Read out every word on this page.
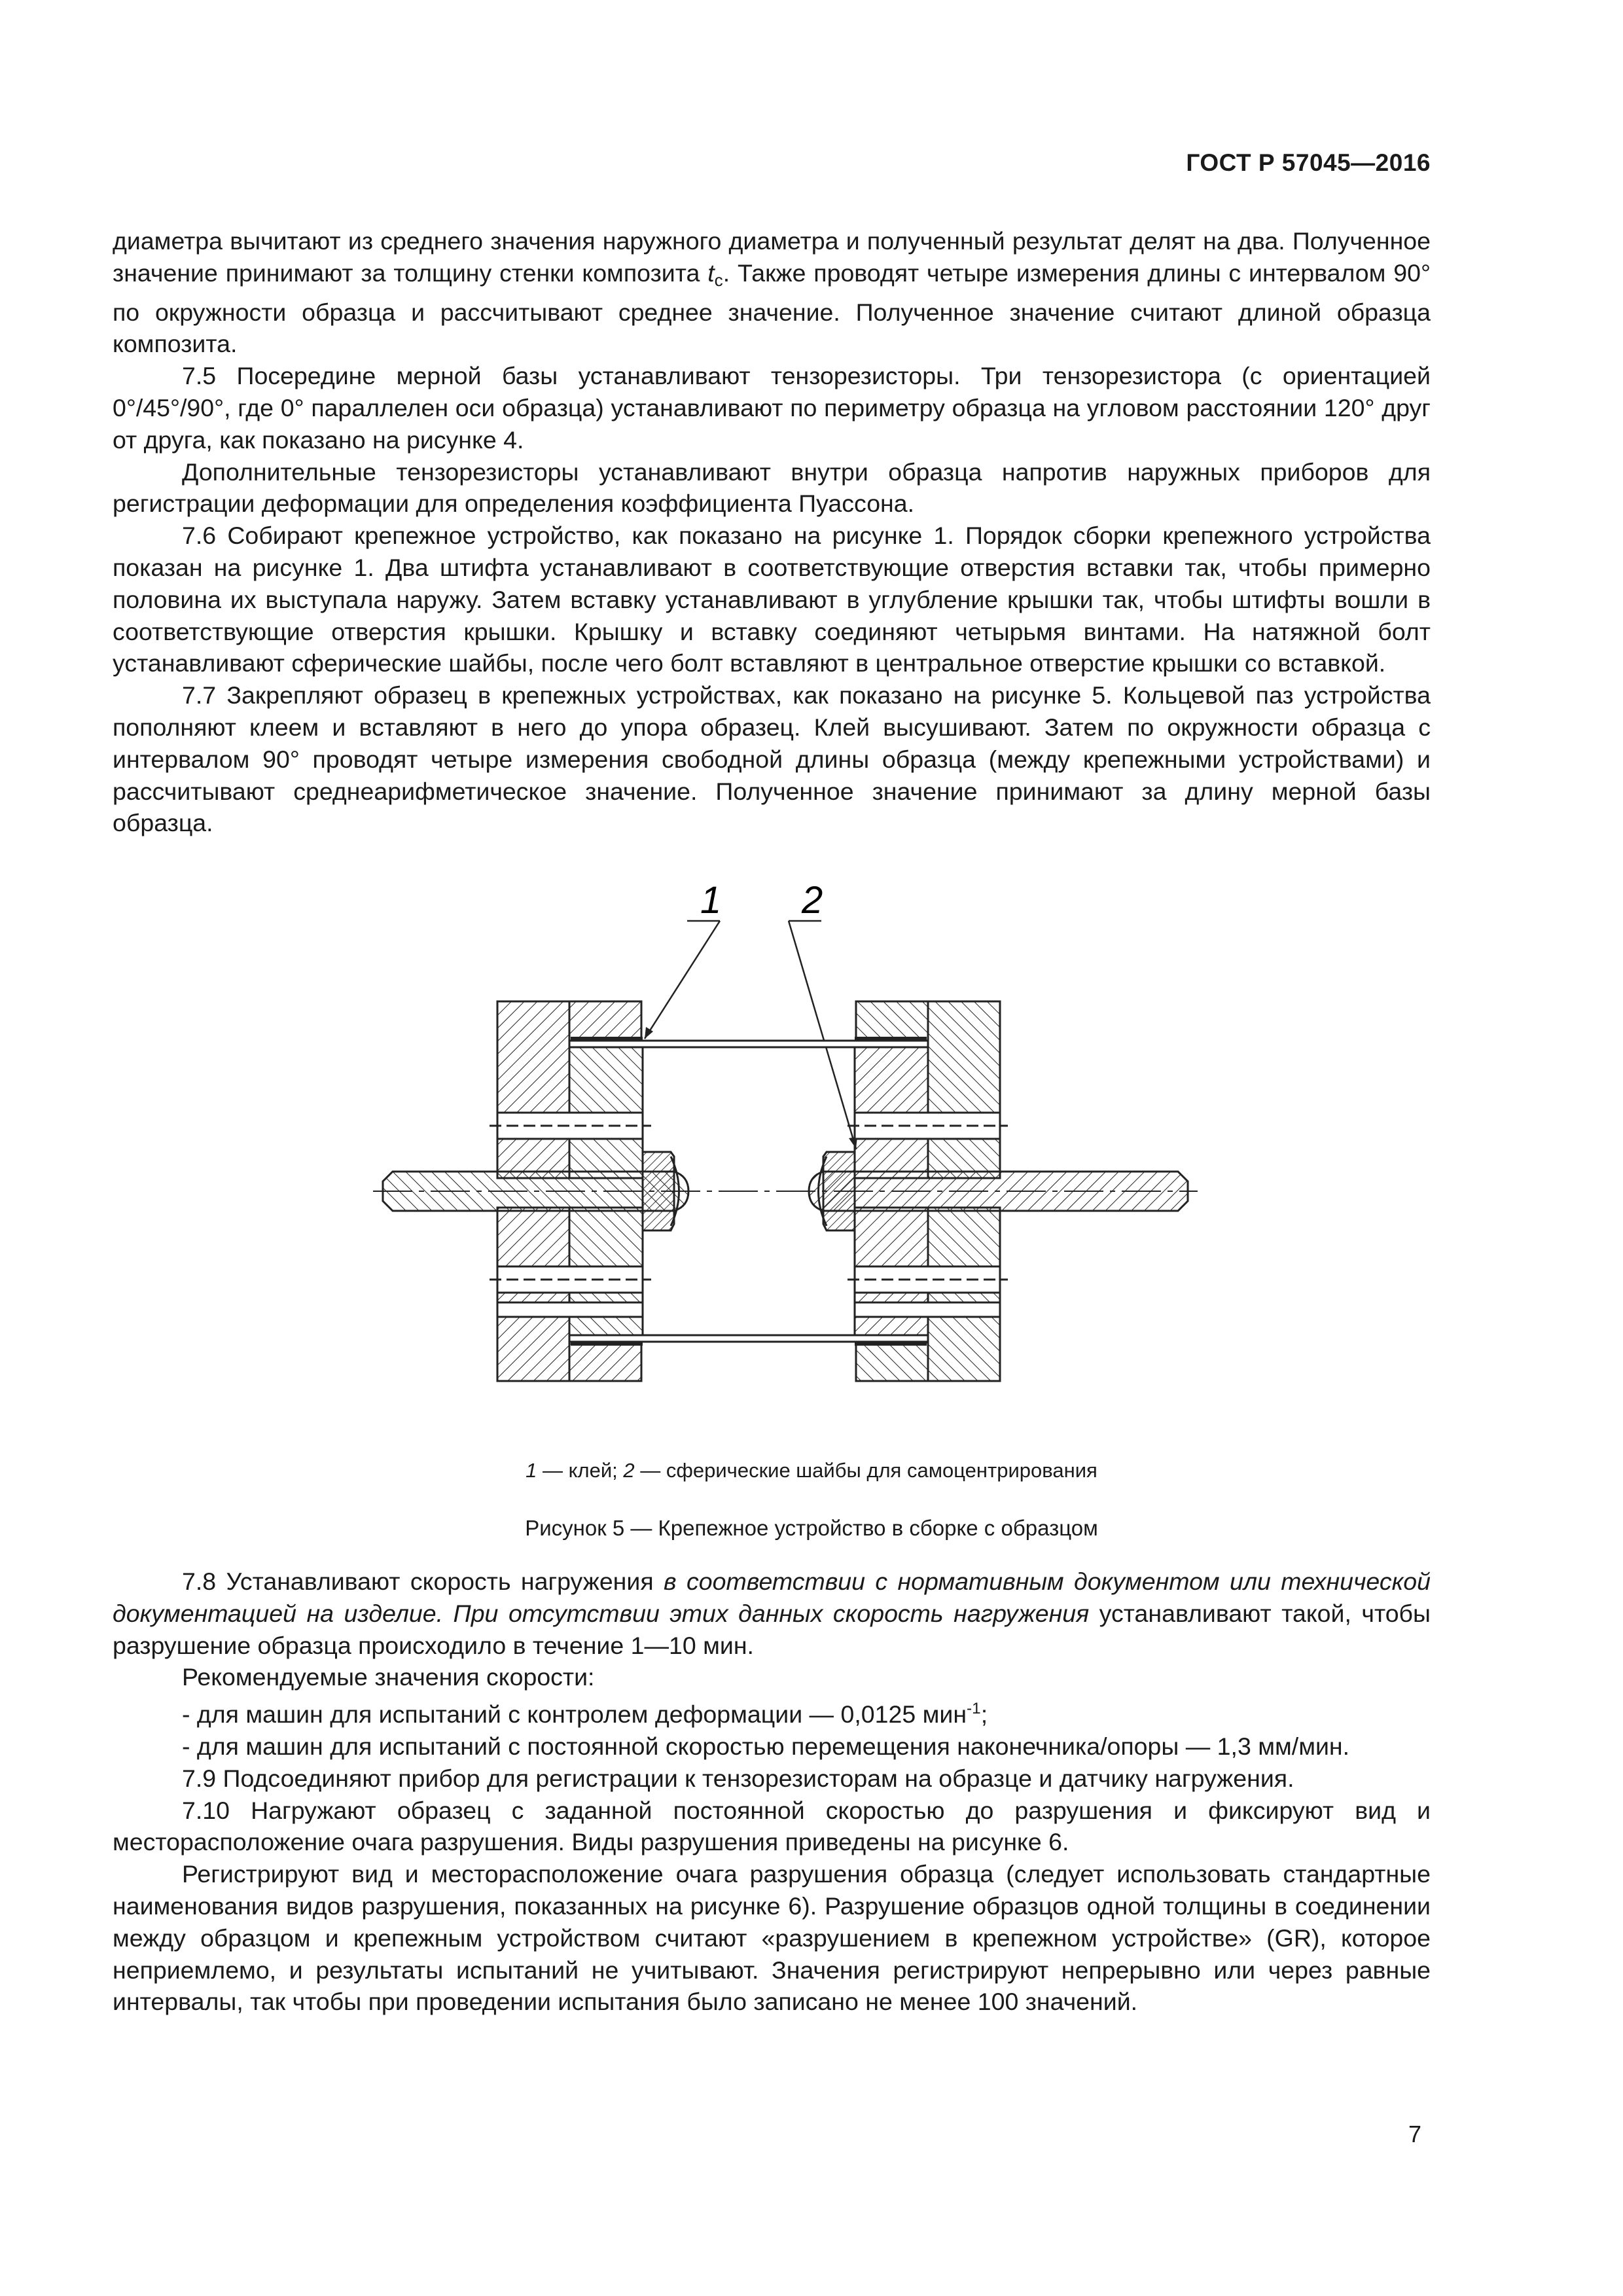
ГОСТ Р 57045—2016

диаметра вычитают из среднего значения наружного диаметра и полученный результат делят на два. Полученное значение принимают за толщину стенки композита $t_c$. Также проводят четыре измерения длины с интервалом 90° по окружности образца и рассчитывают среднее значение. Полученное значение считают длиной образца композита.

7.5 Посередине мерной базы устанавливают тензорезисторы. Три тензорезистора (с ориентацией 0°/45°/90°, где 0° параллелен оси образца) устанавливают по периметру образца на угловом расстоянии 120° друг от друга, как показано на рисунке 4.

Дополнительные тензорезисторы устанавливают внутри образца напротив наружных приборов для регистрации деформации для определения коэффициента Пуассона.

7.6 Собирают крепежное устройство, как показано на рисунке 1. Порядок сборки крепежного устройства показан на рисунке 1. Два штифта устанавливают в соответствующие отверстия вставки так, чтобы примерно половина их выступала наружу. Затем вставку устанавливают в углубление крышки так, чтобы штифты вошли в соответствующие отверстия крышки. Крышку и вставку соединяют четырьмя винтами. На натяжной болт устанавливают сферические шайбы, после чего болт вставляют в центральное отверстие крышки со вставкой.

7.7 Закрепляют образец в крепежных устройствах, как показано на рисунке 5. Кольцевой паз устройства пополняют клеем и вставляют в него до упора образец. Клей высушивают. Затем по окружности образца с интервалом 90° проводят четыре измерения свободной длины образца (между крепежными устройствами) и рассчитывают среднеарифметическое значение. Полученное значение принимают за длину мерной базы образца.

1 2
1 — клей; 2 — сферические шайбы для самоцентрирования
Рисунок 5 — Крепежное устройство в сборке с образцом

7.8 Устанавливают скорость нагружения в соответствии с нормативным документом или технической документацией на изделие. При отсутствии этих данных скорость нагружения устанавливают такой, чтобы разрушение образца происходило в течение 1—10 мин.

Рекомендуемые значения скорости:

- для машин для испытаний с контролем деформации — 0,0125 мин$^{-1}$;

- для машин для испытаний с постоянной скоростью перемещения наконечника/опоры — 1,3 мм/мин.

7.9 Подсоединяют прибор для регистрации к тензорезисторам на образце и датчику нагружения.

7.10 Нагружают образец с заданной постоянной скоростью до разрушения и фиксируют вид и месторасположение очага разрушения. Виды разрушения приведены на рисунке 6.

Регистрируют вид и месторасположение очага разрушения образца (следует использовать стандартные наименования видов разрушения, показанных на рисунке 6). Разрушение образцов одной толщины в соединении между образцом и крепежным устройством считают «разрушением в крепежном устройстве» (GR), которое неприемлемо, и результаты испытаний не учитывают. Значения регистрируют непрерывно или через равные интервалы, так чтобы при проведении испытания было записано не менее 100 значений.

7
